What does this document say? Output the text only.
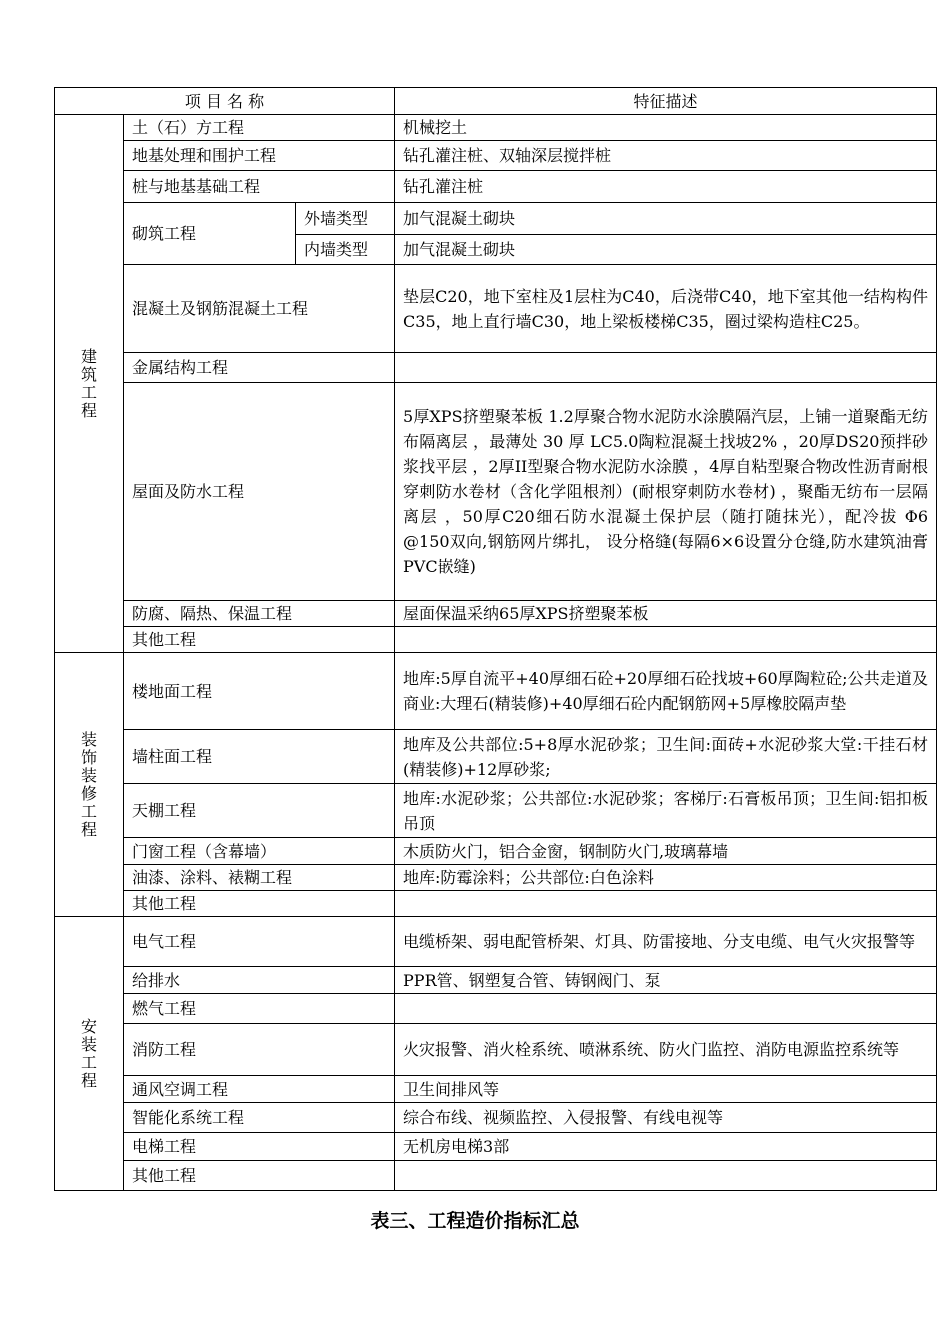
项 目 名 称			特征描述

建筑工程	土（石）方工程		机械挖土
	地基处理和围护工程		钻孔灌注桩、双轴深层搅拌桩
	桩与地基基础工程		钻孔灌注桩
	砌筑工程	外墙类型	加气混凝土砌块
		内墙类型	加气混凝土砌块
	混凝土及钢筋混凝土工程		垫层C20，地下室柱及1层柱为C40，后浇带C40，地下室其他一结构构件C35，地上直行墙C30，地上梁板楼梯C35，圈过梁构造柱C25。
	金属结构工程		
	屋面及防水工程		5厚XPS挤塑聚苯板 1.2厚聚合物水泥防水涂膜隔汽层，上铺一道聚酯无纺布隔离层 ，最薄处 30 厚 LC5.0陶粒混凝土找坡2% ，20厚DS20预拌砂浆找平层 ，2厚II型聚合物水泥防水涂膜 ，4厚自粘型聚合物改性沥青耐根穿刺防水卷材（含化学阻根剂）(耐根穿刺防水卷材) ，聚酯无纺布一层隔离层 ，50厚C20细石防水混凝土保护层（随打随抹光），配冷拔 Φ6 @150双向,钢筋网片绑扎， 设分格缝(每隔6×6设置分仓缝,防水建筑油膏PVC嵌缝)
	防腐、隔热、保温工程		屋面保温采纳65厚XPS挤塑聚苯板
	其他工程		

装饰装修工程	楼地面工程		地库:5厚自流平+40厚细石砼+20厚细石砼找坡+60厚陶粒砼;公共走道及商业:大理石(精装修)+40厚细石砼内配钢筋网+5厚橡胶隔声垫
	墙柱面工程		地库及公共部位:5+8厚水泥砂浆；卫生间:面砖+水泥砂浆大堂:干挂石材(精装修)+12厚砂浆;
	天棚工程		地库:水泥砂浆；公共部位:水泥砂浆；客梯厅:石膏板吊顶；卫生间:铝扣板吊顶
	门窗工程（含幕墙）		木质防火门，铝合金窗，钢制防火门,玻璃幕墙
	油漆、涂料、裱糊工程		地库:防霉涂料；公共部位:白色涂料
	其他工程		

安装工程	电气工程		电缆桥架、弱电配管桥架、灯具、防雷接地、分支电缆、电气火灾报警等
	给排水		PPR管、钢塑复合管、铸钢阀门、泵
	燃气工程		
	消防工程		火灾报警、消火栓系统、喷淋系统、防火门监控、消防电源监控系统等
	通风空调工程		卫生间排风等
	智能化系统工程		综合布线、视频监控、入侵报警、有线电视等
	电梯工程		无机房电梯3部
	其他工程		
表三、工程造价指标汇总
